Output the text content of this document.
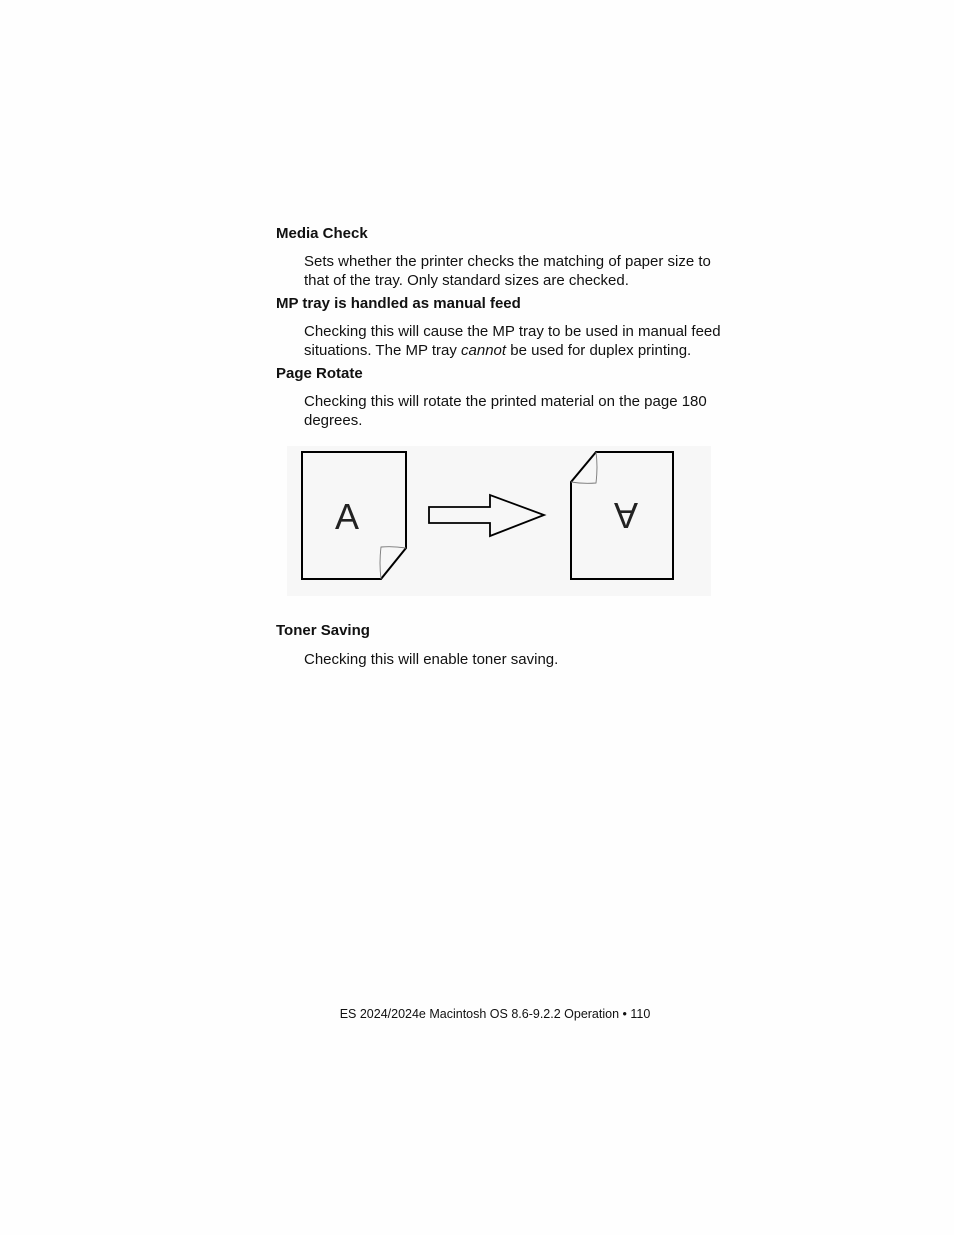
Media Check

Sets whether the printer checks the matching of paper size to
that of the tray. Only standard sizes are checked.

MP tray is handled as manual feed

Checking this will cause the MP tray to be used in manual feed
situations. The MP tray cannot be used for duplex printing.

Page Rotate

Checking this will rotate the printed material on the page 180
degrees.

A	A
Toner Saving

Checking this will enable toner saving.

ES 2024/2024e Macintosh OS 8.6-9.2.2 Operation • 110
